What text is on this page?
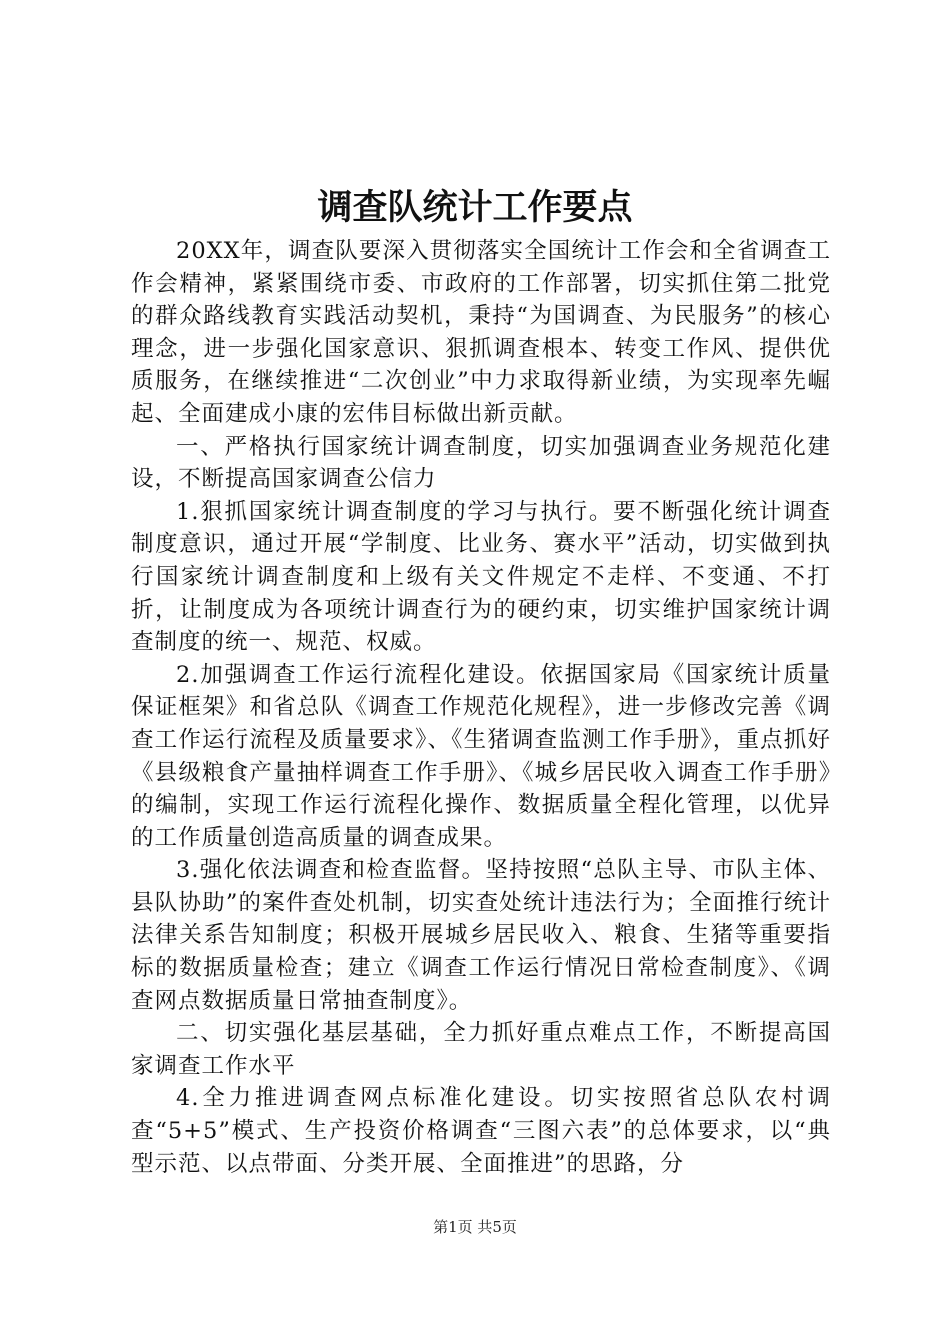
调查队统计工作要点

20XX年，调查队要深入贯彻落实全国统计工作会和全省调查工作会精神，紧紧围绕市委、市政府的工作部署，切实抓住第二批党的群众路线教育实践活动契机，秉持“为国调查、为民服务”的核心理念，进一步强化国家意识、狠抓调查根本、转变工作风、提供优质服务，在继续推进“二次创业”中力求取得新业绩，为实现率先崛起、全面建成小康的宏伟目标做出新贡献。

一、严格执行国家统计调查制度，切实加强调查业务规范化建设，不断提高国家调查公信力

1.狠抓国家统计调查制度的学习与执行。要不断强化统计调查制度意识，通过开展“学制度、比业务、赛水平”活动，切实做到执行国家统计调查制度和上级有关文件规定不走样、不变通、不打折，让制度成为各项统计调查行为的硬约束，切实维护国家统计调查制度的统一、规范、权威。

2.加强调查工作运行流程化建设。依据国家局《国家统计质量保证框架》和省总队《调查工作规范化规程》，进一步修改完善《调查工作运行流程及质量要求》、《生猪调查监测工作手册》，重点抓好《县级粮食产量抽样调查工作手册》、《城乡居民收入调查工作手册》的编制，实现工作运行流程化操作、数据质量全程化管理，以优异的工作质量创造高质量的调查成果。

3.强化依法调查和检查监督。坚持按照“总队主导、市队主体、县队协助”的案件查处机制，切实查处统计违法行为；全面推行统计法律关系告知制度；积极开展城乡居民收入、粮食、生猪等重要指标的数据质量检查；建立《调查工作运行情况日常检查制度》、《调查网点数据质量日常抽查制度》。

二、切实强化基层基础，全力抓好重点难点工作，不断提高国家调查工作水平

4.全力推进调查网点标准化建设。切实按照省总队农村调查“5+5”模式、生产投资价格调查“三图六表”的总体要求，以“典型示范、以点带面、分类开展、全面推进”的思路，分

第1页 共5页
